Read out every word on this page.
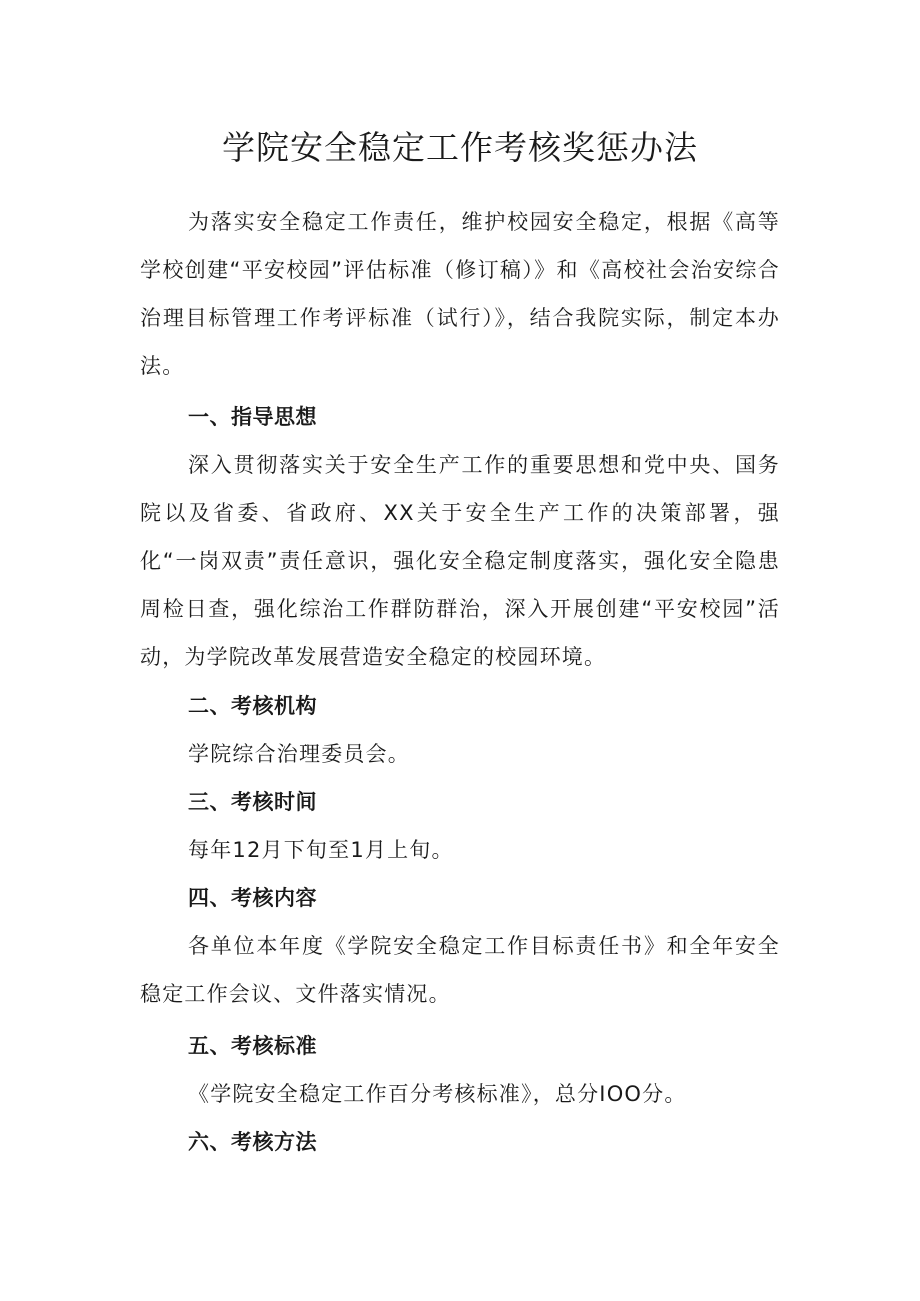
学院安全稳定工作考核奖惩办法

为落实安全稳定工作责任，维护校园安全稳定，根据《高等学校创建“平安校园”评估标准（修订稿）》和《高校社会治安综合治理目标管理工作考评标准（试行）》，结合我院实际，制定本办法。

一、指导思想

深入贯彻落实关于安全生产工作的重要思想和党中央、国务院以及省委、省政府、XX关于安全生产工作的决策部署，强化“一岗双责”责任意识，强化安全稳定制度落实，强化安全隐患周检日查，强化综治工作群防群治，深入开展创建“平安校园”活动，为学院改革发展营造安全稳定的校园环境。

二、考核机构

学院综合治理委员会。

三、考核时间

每年12月下旬至1月上旬。

四、考核内容

各单位本年度《学院安全稳定工作目标责任书》和全年安全稳定工作会议、文件落实情况。

五、考核标准

《学院安全稳定工作百分考核标准》，总分IOO分。

六、考核方法
